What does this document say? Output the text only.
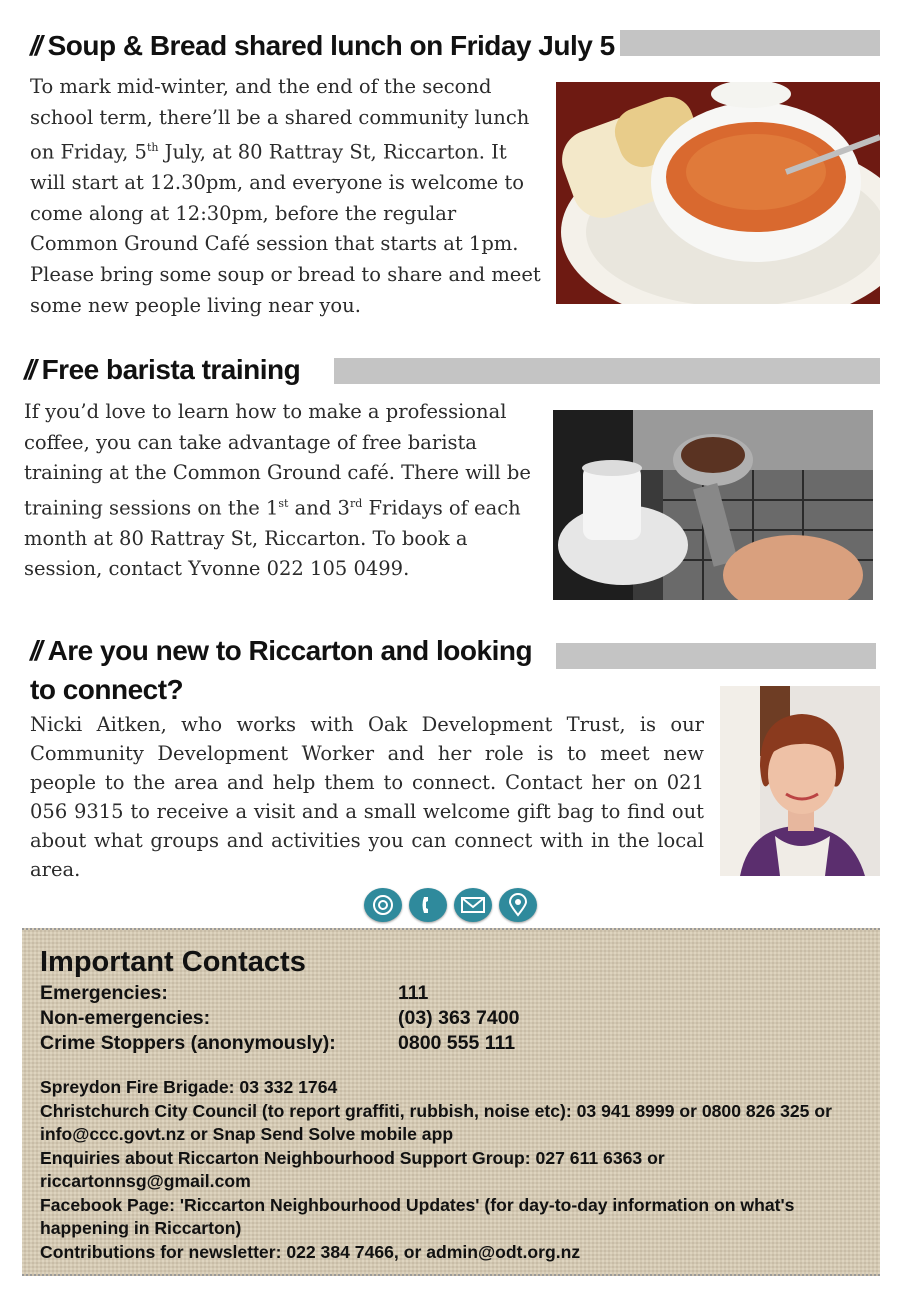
// Soup & Bread shared lunch on Friday July 5
To mark mid-winter, and the end of the second school term, there’ll be a shared community lunch on Friday, 5th July, at 80 Rattray St, Riccarton. It will start at 12.30pm, and everyone is welcome to come along at 12:30pm, before the regular Common Ground Café session that starts at 1pm.  Please bring some soup or bread to share and meet some new people living near you.
// Free barista training
If you’d love to learn how to make a professional coffee, you can take advantage of free barista training at the Common Ground café. There will be training sessions on the 1st and 3rd Fridays of each month at 80 Rattray St, Riccarton. To book a session, contact Yvonne 022 105 0499.
// Are you new to Riccarton and looking
to connect?
Nicki Aitken, who works with Oak Development Trust, is our Community Development Worker and her role is to meet new people to the area and help them to connect. Contact her on 021 056 9315 to receive a visit and a small welcome gift bag to find out about what groups and activities you can connect with in the local area.
Important Contacts
Emergencies:	111
Non-emergencies:	(03) 363 7400
Crime Stoppers (anonymously):	0800 555 111
Spreydon Fire Brigade: 03 332 1764
Christchurch City Council (to report graffiti, rubbish, noise etc): 03 941 8999 or 0800 826 325 or info@ccc.govt.nz or Snap Send Solve mobile app
Enquiries about Riccarton Neighbourhood Support Group: 027 611 6363 or riccartonnsg@gmail.com
Facebook Page: 'Riccarton Neighbourhood Updates' (for day-to-day information on what's happening in Riccarton)
Contributions for newsletter: 022 384 7466, or admin@odt.org.nz
